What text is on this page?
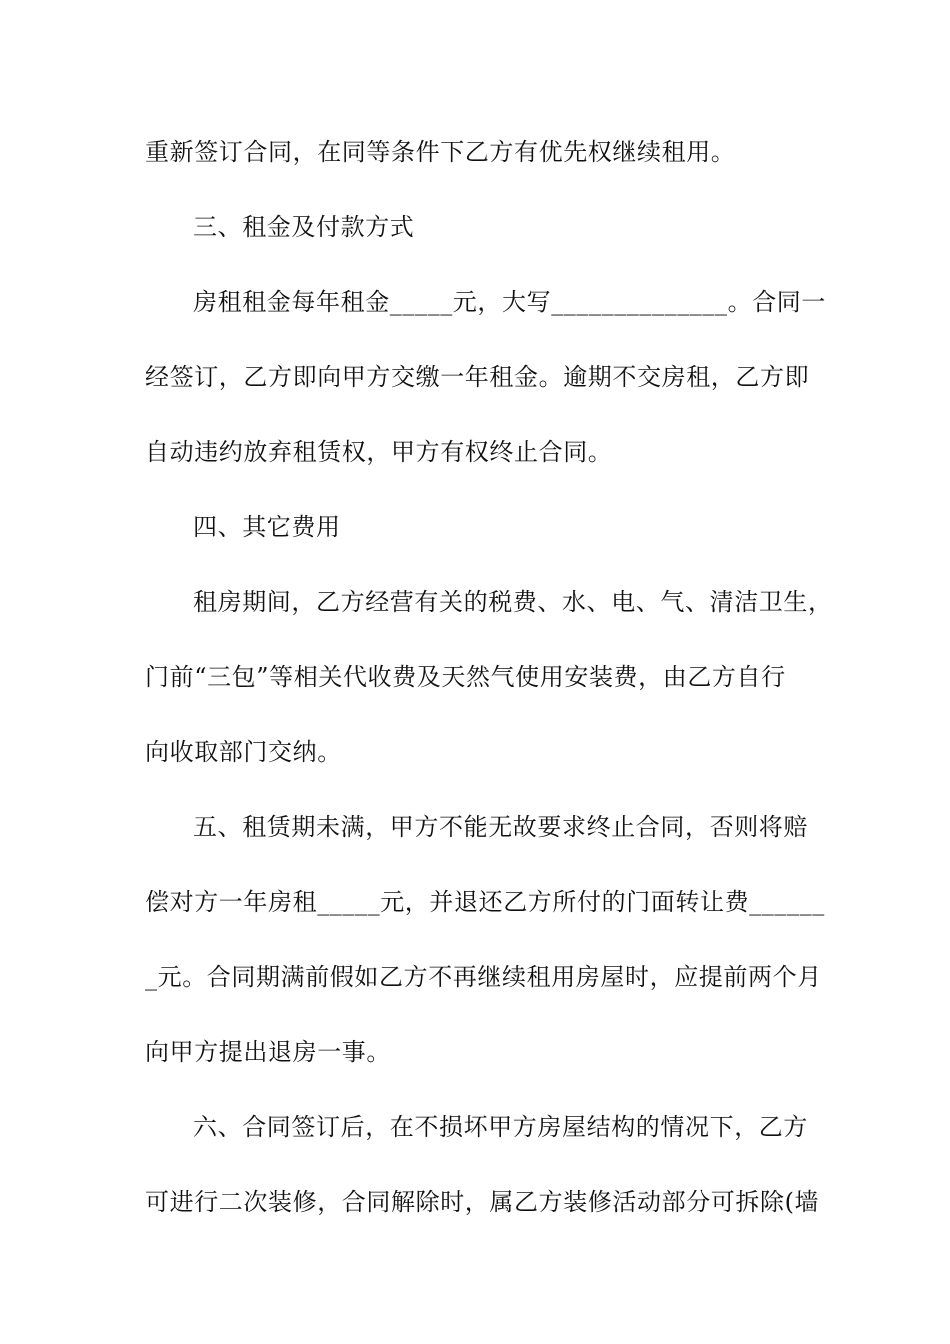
重新签订合同，在同等条件下乙方有优先权继续租用。
三、租金及付款方式
房租租金每年租金_____元，大写______________。合同一
经签订，乙方即向甲方交缴一年租金。逾期不交房租，乙方即
自动违约放弃租赁权，甲方有权终止合同。
四、其它费用
租房期间，乙方经营有关的税费、水、电、气、清洁卫生，
门前“三包”等相关代收费及天然气使用安装费，由乙方自行
向收取部门交纳。
五、租赁期未满，甲方不能无故要求终止合同，否则将赔
偿对方一年房租_____元，并退还乙方所付的门面转让费______
_元。合同期满前假如乙方不再继续租用房屋时，应提前两个月
向甲方提出退房一事。
六、合同签订后，在不损坏甲方房屋结构的情况下，乙方
可进行二次装修，合同解除时，属乙方装修活动部分可拆除(墙
